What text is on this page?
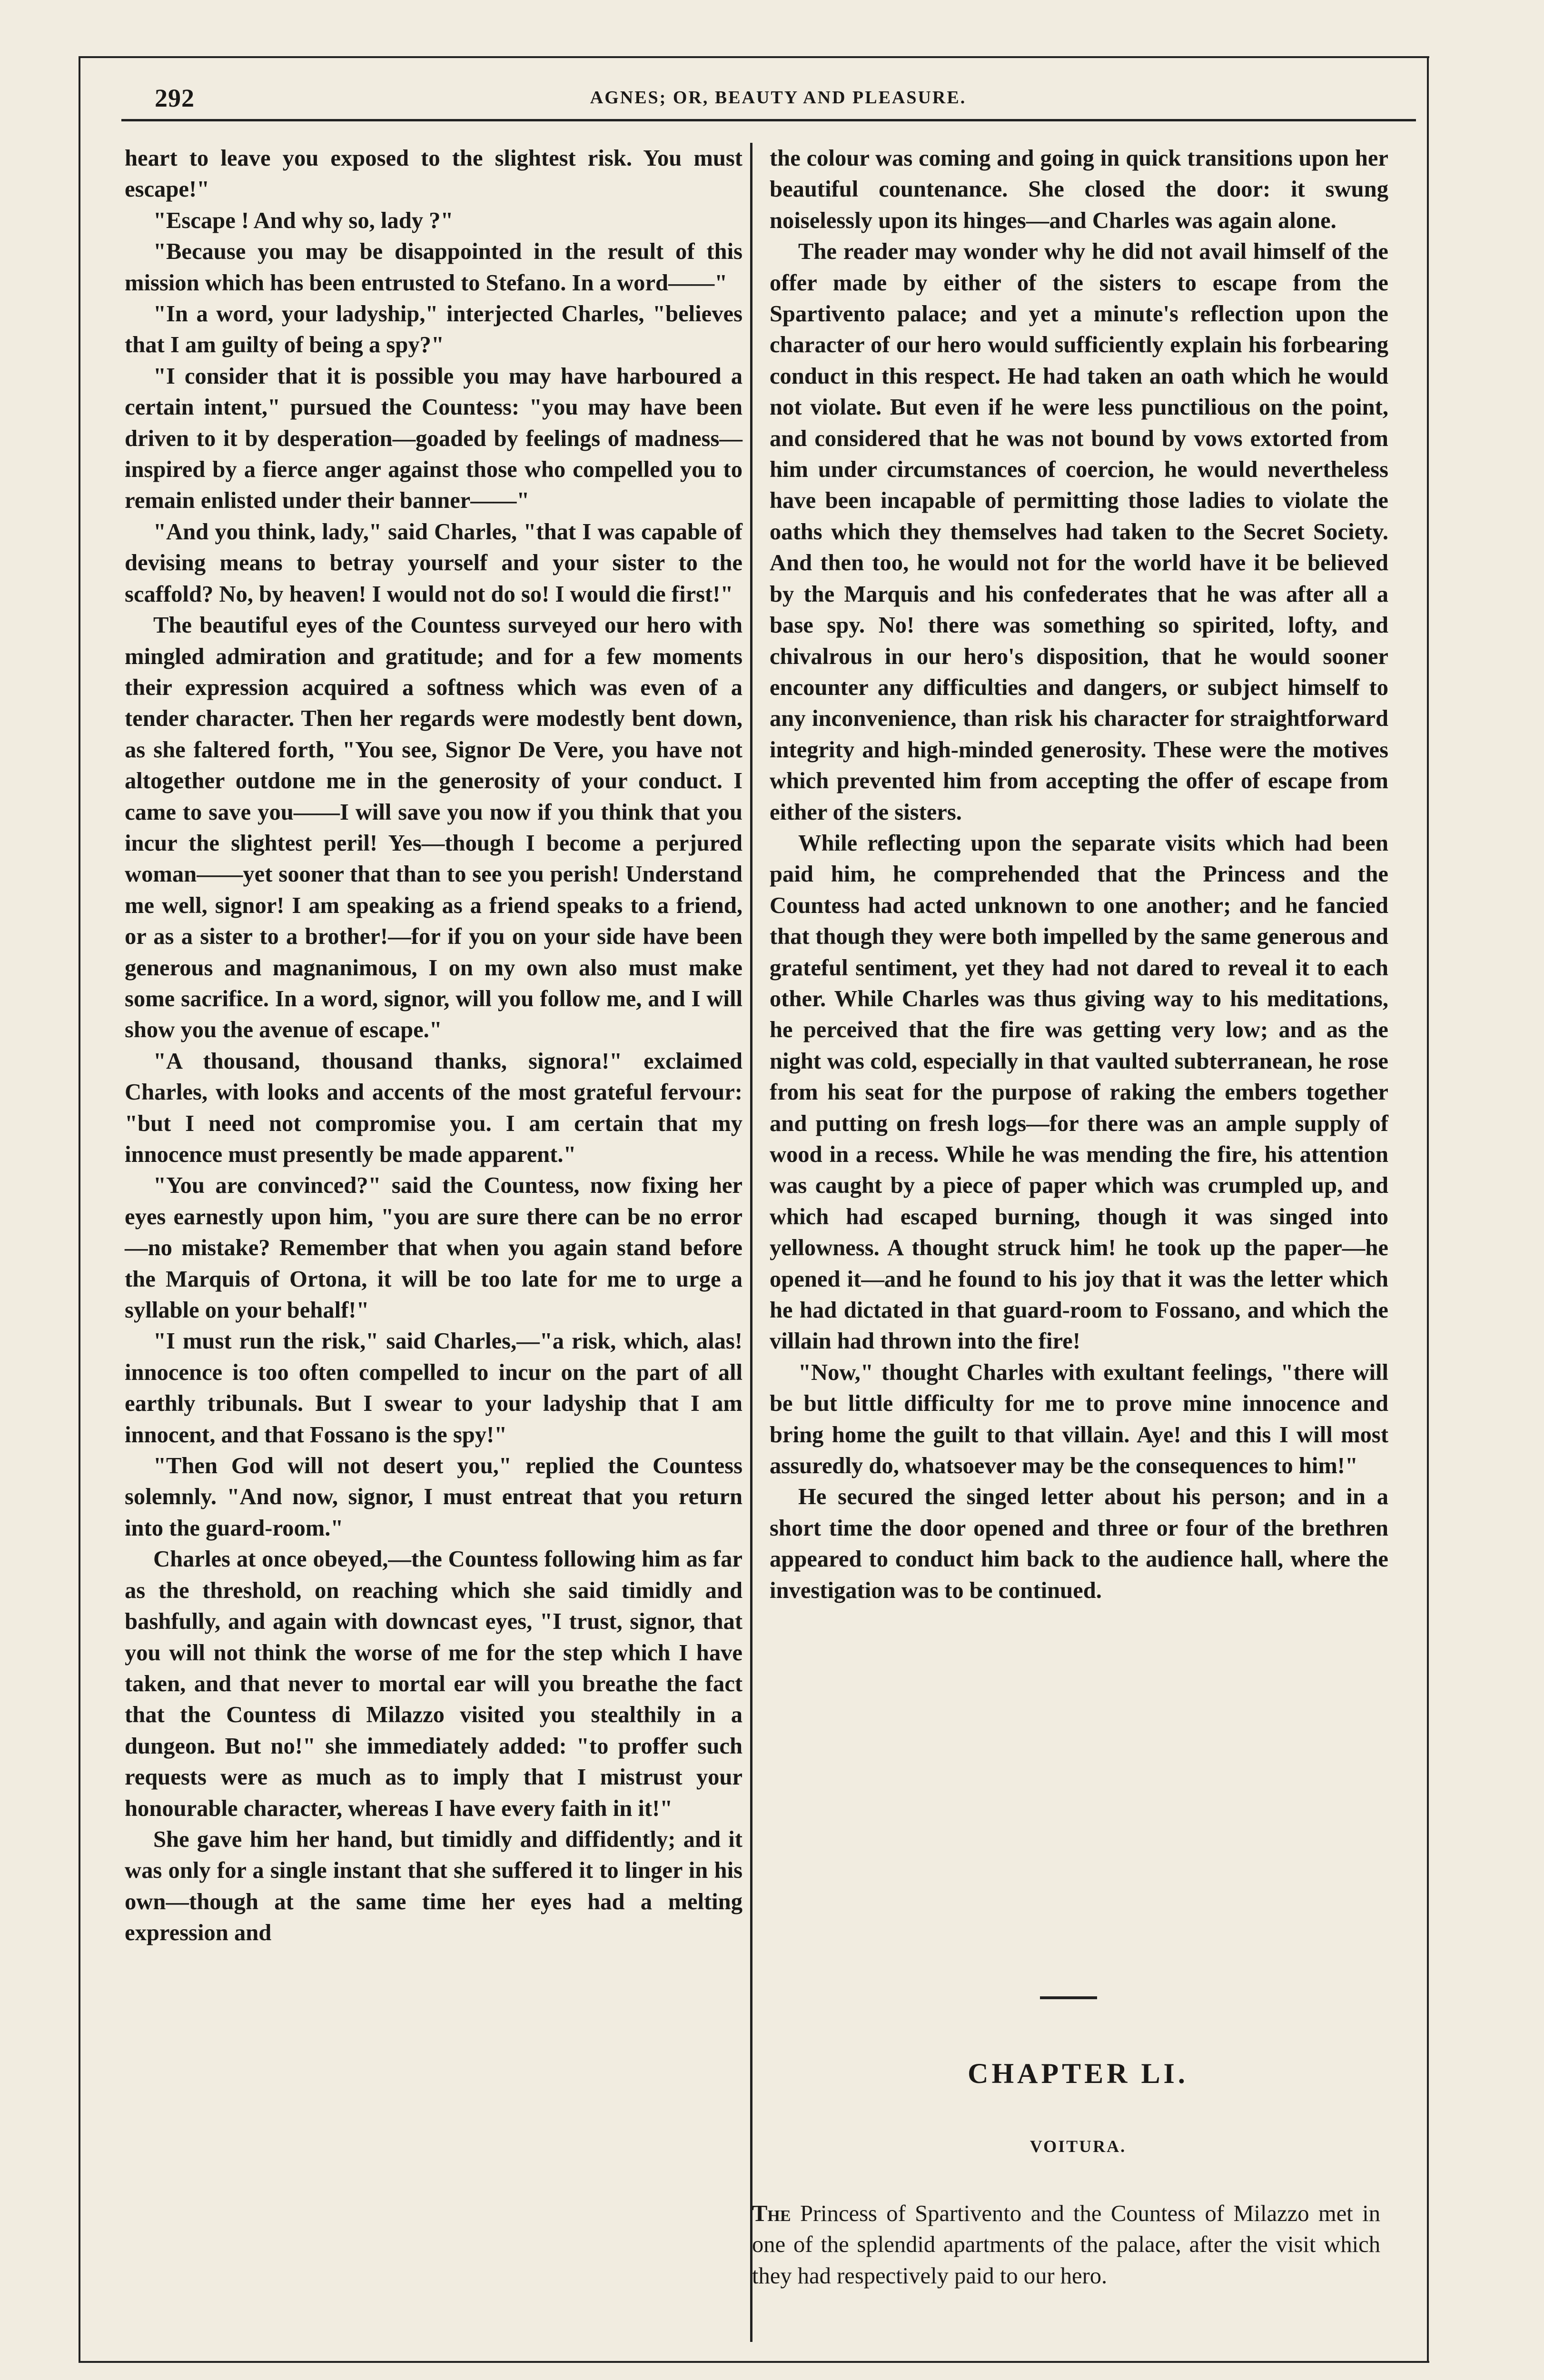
292	AGNES; OR, BEAUTY AND PLEASURE.

heart to leave you exposed to the slightest risk. You must escape!"

"Escape ! And why so, lady ?"

"Because you may be disappointed in the result of this mission which has been entrusted to Stefano. In a word——"

"In a word, your ladyship," interjected Charles, "believes that I am guilty of being a spy?"

"I consider that it is possible you may have harboured a certain intent," pursued the Countess: "you may have been driven to it by desperation—goaded by feelings of madness—inspired by a fierce anger against those who compelled you to remain enlisted under their banner——"

"And you think, lady," said Charles, "that I was capable of devising means to betray yourself and your sister to the scaffold? No, by heaven! I would not do so! I would die first!"

The beautiful eyes of the Countess surveyed our hero with mingled admiration and gratitude; and for a few moments their expression acquired a softness which was even of a tender character. Then her regards were modestly bent down, as she faltered forth, "You see, Signor De Vere, you have not altogether outdone me in the generosity of your conduct. I came to save you——I will save you now if you think that you incur the slightest peril! Yes—though I become a perjured woman——yet sooner that than to see you perish! Understand me well, signor! I am speaking as a friend speaks to a friend, or as a sister to a brother!—for if you on your side have been generous and magnanimous, I on my own also must make some sacrifice. In a word, signor, will you follow me, and I will show you the avenue of escape."

"A thousand, thousand thanks, signora!" exclaimed Charles, with looks and accents of the most grateful fervour: "but I need not compromise you. I am certain that my innocence must presently be made apparent."

"You are convinced?" said the Countess, now fixing her eyes earnestly upon him, "you are sure there can be no error—no mistake? Remember that when you again stand before the Marquis of Ortona, it will be too late for me to urge a syllable on your behalf!"

"I must run the risk," said Charles,—"a risk, which, alas! innocence is too often compelled to incur on the part of all earthly tribunals. But I swear to your ladyship that I am innocent, and that Fossano is the spy!"

"Then God will not desert you," replied the Countess solemnly. "And now, signor, I must entreat that you return into the guard-room."

Charles at once obeyed,—the Countess following him as far as the threshold, on reaching which she said timidly and bashfully, and again with downcast eyes, "I trust, signor, that you will not think the worse of me for the step which I have taken, and that never to mortal ear will you breathe the fact that the Countess di Milazzo visited you stealthily in a dungeon. But no!" she immediately added: "to proffer such requests were as much as to imply that I mistrust your honourable character, whereas I have every faith in it!"

She gave him her hand, but timidly and diffidently; and it was only for a single instant that she suffered it to linger in his own—though at the same time her eyes had a melting expression and

the colour was coming and going in quick transitions upon her beautiful countenance. She closed the door: it swung noiselessly upon its hinges—and Charles was again alone.

The reader may wonder why he did not avail himself of the offer made by either of the sisters to escape from the Spartivento palace; and yet a minute's reflection upon the character of our hero would sufficiently explain his forbearing conduct in this respect. He had taken an oath which he would not violate. But even if he were less punctilious on the point, and considered that he was not bound by vows extorted from him under circumstances of coercion, he would nevertheless have been incapable of permitting those ladies to violate the oaths which they themselves had taken to the Secret Society. And then too, he would not for the world have it be believed by the Marquis and his confederates that he was after all a base spy. No! there was something so spirited, lofty, and chivalrous in our hero's disposition, that he would sooner encounter any difficulties and dangers, or subject himself to any inconvenience, than risk his character for straightforward integrity and high-minded generosity. These were the motives which prevented him from accepting the offer of escape from either of the sisters.

While reflecting upon the separate visits which had been paid him, he comprehended that the Princess and the Countess had acted unknown to one another; and he fancied that though they were both impelled by the same generous and grateful sentiment, yet they had not dared to reveal it to each other. While Charles was thus giving way to his meditations, he perceived that the fire was getting very low; and as the night was cold, especially in that vaulted subterranean, he rose from his seat for the purpose of raking the embers together and putting on fresh logs—for there was an ample supply of wood in a recess. While he was mending the fire, his attention was caught by a piece of paper which was crumpled up, and which had escaped burning, though it was singed into yellowness. A thought struck him! he took up the paper—he opened it—and he found to his joy that it was the letter which he had dictated in that guard-room to Fossano, and which the villain had thrown into the fire!

"Now," thought Charles with exultant feelings, "there will be but little difficulty for me to prove mine innocence and bring home the guilt to that villain. Aye! and this I will most assuredly do, whatsoever may be the consequences to him!"

He secured the singed letter about his person; and in a short time the door opened and three or four of the brethren appeared to conduct him back to the audience hall, where the investigation was to be continued.

CHAPTER LI.
VOITURA.

The Princess of Spartivento and the Countess of Milazzo met in one of the splendid apartments of the palace, after the visit which they had respectively paid to our hero.
